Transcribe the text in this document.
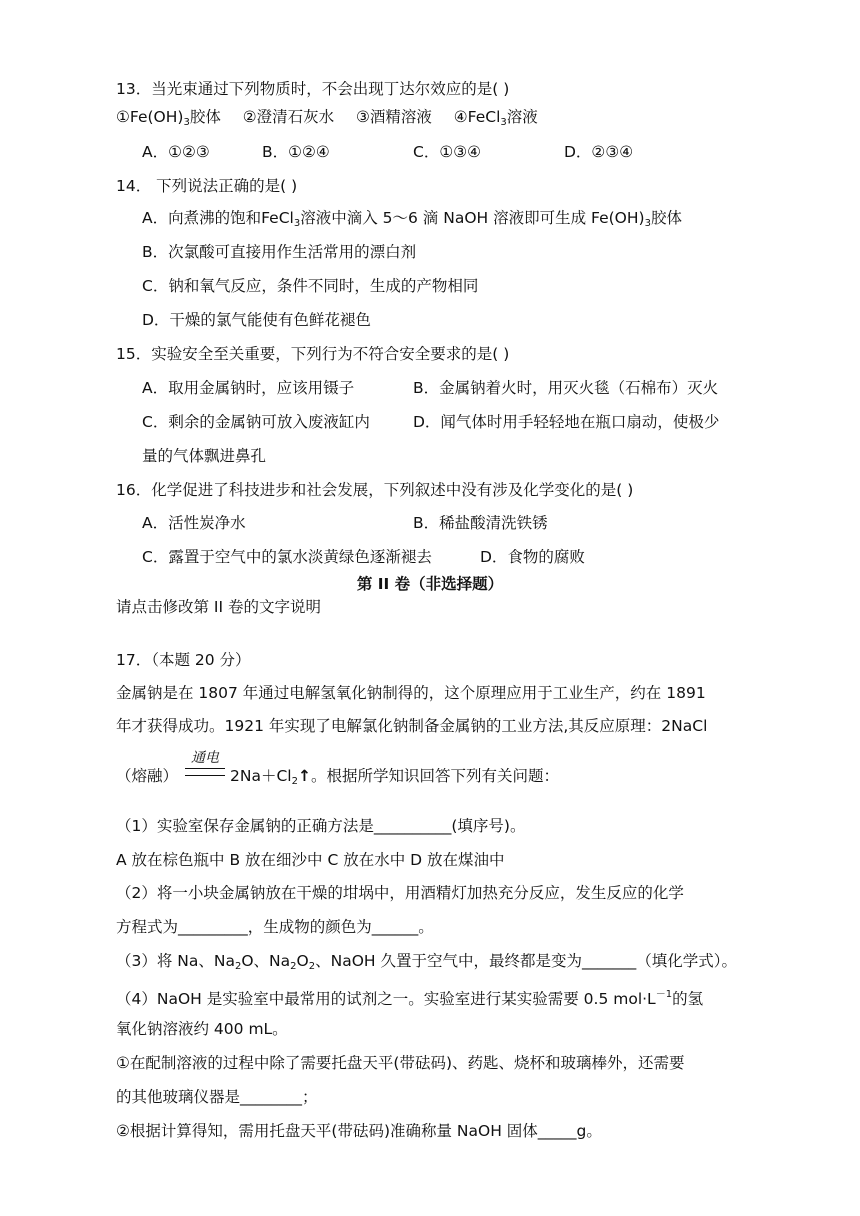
13．当光束通过下列物质时，不会出现丁达尔效应的是( )
①Fe(OH)3胶体 ②澄清石灰水 ③酒精溶液 ④FeCl3溶液
A．①②③	B．①②④	C．①③④	D．②③④
14． 下列说法正确的是( )
A．向煮沸的饱和FeCl3溶液中滴入 5～6 滴 NaOH 溶液即可生成 Fe(OH)3胶体
B．次氯酸可直接用作生活常用的漂白剂
C．钠和氧气反应，条件不同时，生成的产物相同
D．干燥的氯气能使有色鲜花褪色
15．实验安全至关重要，下列行为不符合安全要求的是( )
A．取用金属钠时，应该用镊子	B．金属钠着火时，用灭火毯（石棉布）灭火
C．剩余的金属钠可放入废液缸内	D．闻气体时用手轻轻地在瓶口扇动，使极少
量的气体飘进鼻孔
16．化学促进了科技进步和社会发展，下列叙述中没有涉及化学变化的是( )
A．活性炭净水	B．稀盐酸清洗铁锈
C．露置于空气中的氯水淡黄绿色逐渐褪去	D．食物的腐败
第 II 卷（非选择题）
请点击修改第 II 卷的文字说明
17．（本题 20 分）
金属钠是在 1807 年通过电解氢氧化钠制得的，这个原理应用于工业生产，约在 1891
年才获得成功。1921 年实现了电解氯化钠制备金属钠的工业方法,其反应原理：2NaCl
（熔融）
通电
2Na＋Cl2↑。根据所学知识回答下列有关问题：
（1）实验室保存金属钠的正确方法是__________(填序号)。
A 放在棕色瓶中 B 放在细沙中 C 放在水中 D 放在煤油中
（2）将一小块金属钠放在干燥的坩埚中，用酒精灯加热充分反应，发生反应的化学
方程式为_________，生成物的颜色为______。
（3）将 Na、Na2O、Na2O2、NaOH 久置于空气中，最终都是变为_______（填化学式）。
（4）NaOH 是实验室中最常用的试剂之一。实验室进行某实验需要 0.5 mol·L－1的氢
氧化钠溶液约 400 mL。
①在配制溶液的过程中除了需要托盘天平(带砝码)、药匙、烧杯和玻璃棒外，还需要
的其他玻璃仪器是________；
②根据计算得知，需用托盘天平(带砝码)准确称量 NaOH 固体_____g。
